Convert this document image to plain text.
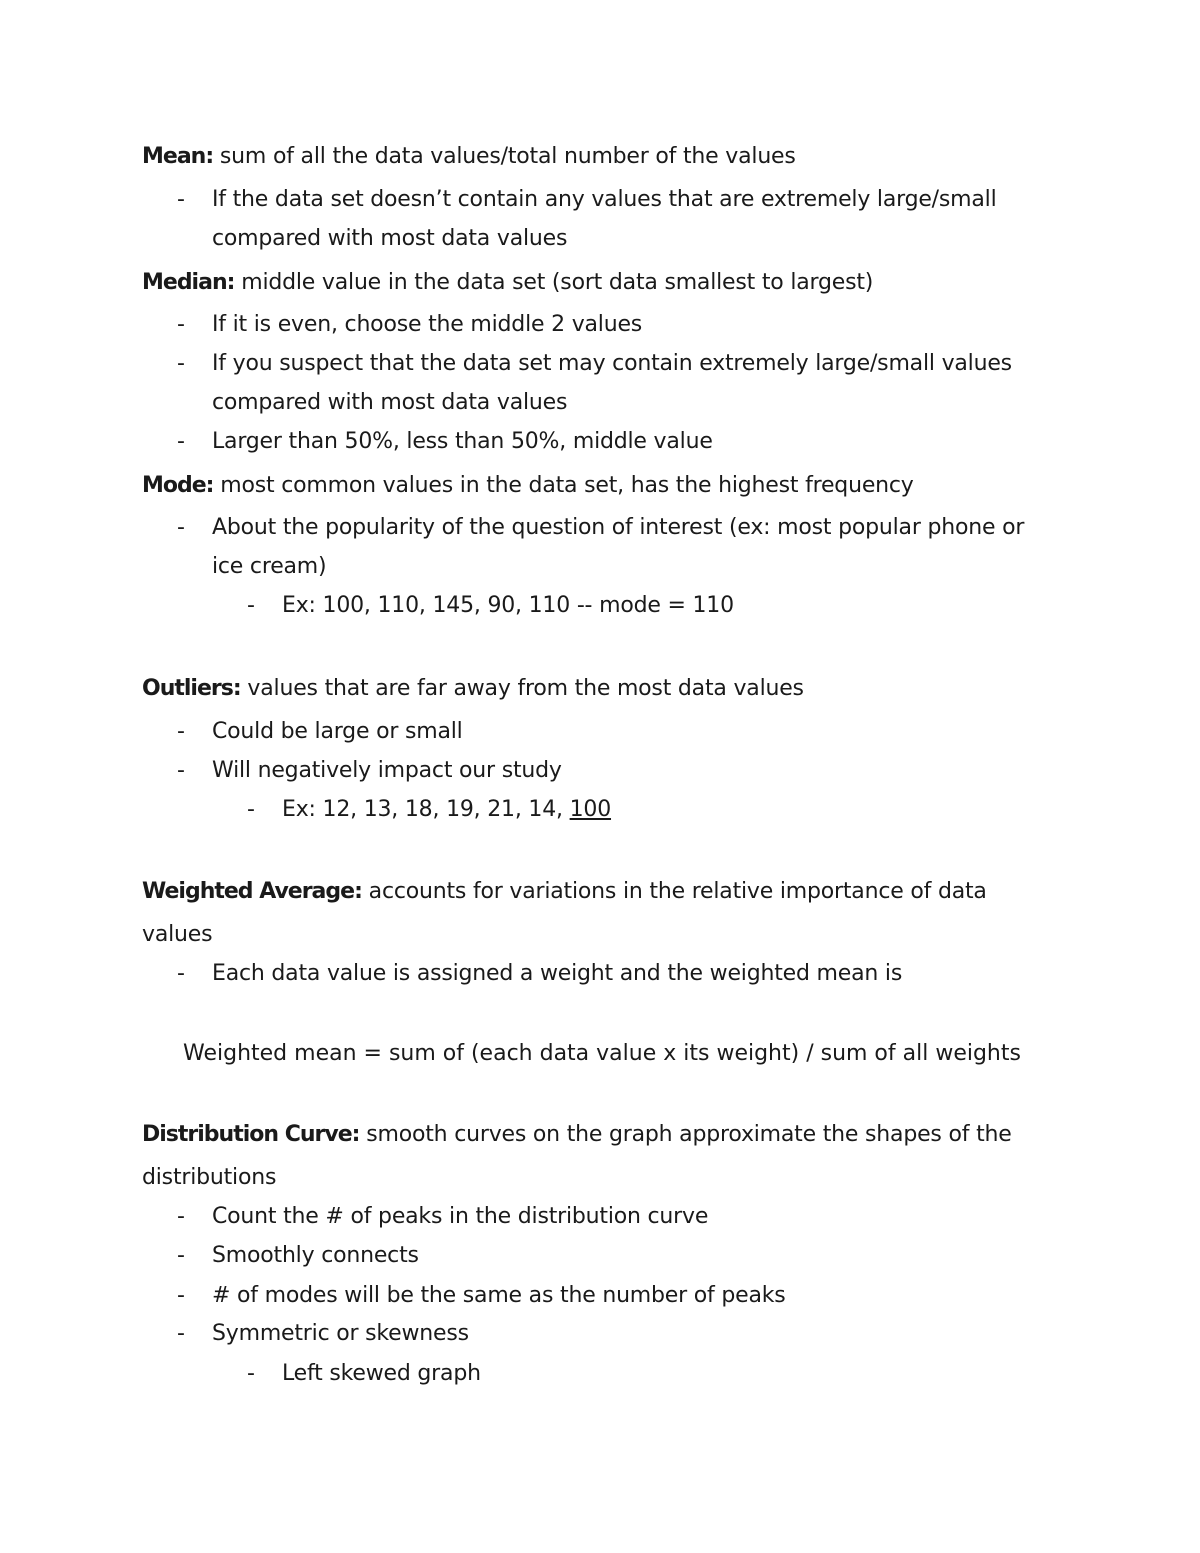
Mean: sum of all the data values/total number of the values
- If the data set doesn’t contain any values that are extremely large/small
compared with most data values
Median: middle value in the data set (sort data smallest to largest)
- If it is even, choose the middle 2 values
- If you suspect that the data set may contain extremely large/small values
compared with most data values
- Larger than 50%, less than 50%, middle value
Mode: most common values in the data set, has the highest frequency
- About the popularity of the question of interest (ex: most popular phone or
ice cream)
- Ex: 100, 110, 145, 90, 110 -- mode = 110
Outliers: values that are far away from the most data values
- Could be large or small
- Will negatively impact our study
- Ex: 12, 13, 18, 19, 21, 14, 100
Weighted Average: accounts for variations in the relative importance of data
values
- Each data value is assigned a weight and the weighted mean is
Weighted mean = sum of (each data value x its weight) / sum of all weights
Distribution Curve: smooth curves on the graph approximate the shapes of the
distributions
- Count the # of peaks in the distribution curve
- Smoothly connects
- # of modes will be the same as the number of peaks
- Symmetric or skewness
- Left skewed graph
